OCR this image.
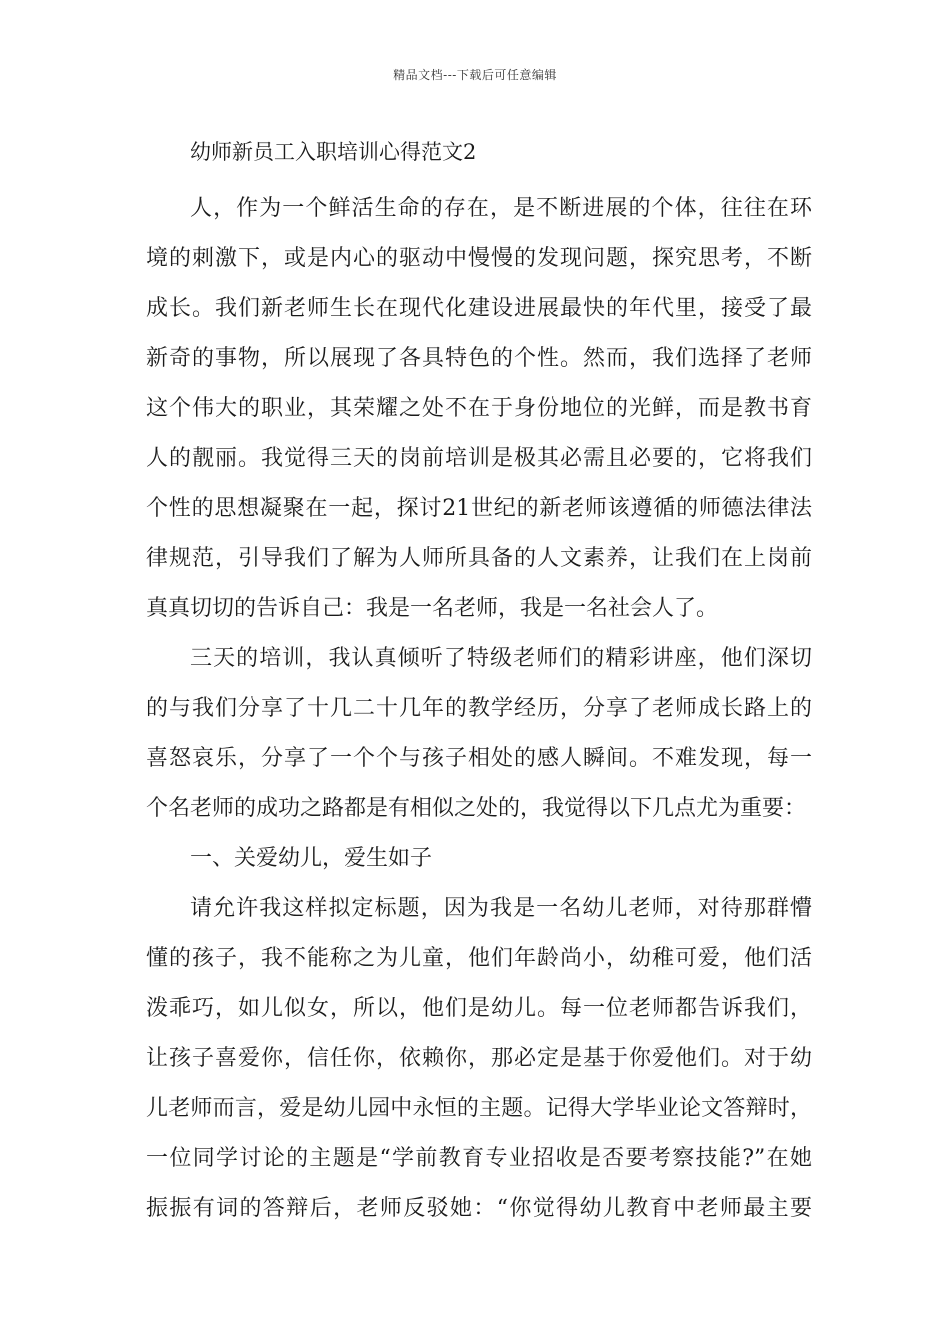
精品文档---下载后可任意编辑
幼师新员工入职培训心得范文2
人，作为一个鲜活生命的存在，是不断进展的个体，往往在环
境的刺激下，或是内心的驱动中慢慢的发现问题，探究思考，不断
成长。我们新老师生长在现代化建设进展最快的年代里，接受了最
新奇的事物，所以展现了各具特色的个性。然而，我们选择了老师
这个伟大的职业，其荣耀之处不在于身份地位的光鲜，而是教书育
人的靓丽。我觉得三天的岗前培训是极其必需且必要的，它将我们
个性的思想凝聚在一起，探讨21世纪的新老师该遵循的师德法律法
律规范，引导我们了解为人师所具备的人文素养，让我们在上岗前
真真切切的告诉自己：我是一名老师，我是一名社会人了。
三天的培训，我认真倾听了特级老师们的精彩讲座，他们深切
的与我们分享了十几二十几年的教学经历，分享了老师成长路上的
喜怒哀乐，分享了一个个与孩子相处的感人瞬间。不难发现，每一
个名老师的成功之路都是有相似之处的，我觉得以下几点尤为重要：
一、关爱幼儿，爱生如子
请允许我这样拟定标题，因为我是一名幼儿老师，对待那群懵
懂的孩子，我不能称之为儿童，他们年龄尚小，幼稚可爱，他们活
泼乖巧，如儿似女，所以，他们是幼儿。每一位老师都告诉我们，
让孩子喜爱你，信任你，依赖你，那必定是基于你爱他们。对于幼
儿老师而言，爱是幼儿园中永恒的主题。记得大学毕业论文答辩时，
一位同学讨论的主题是“学前教育专业招收是否要考察技能?”在她
振振有词的答辩后，老师反驳她：“你觉得幼儿教育中老师最主要
